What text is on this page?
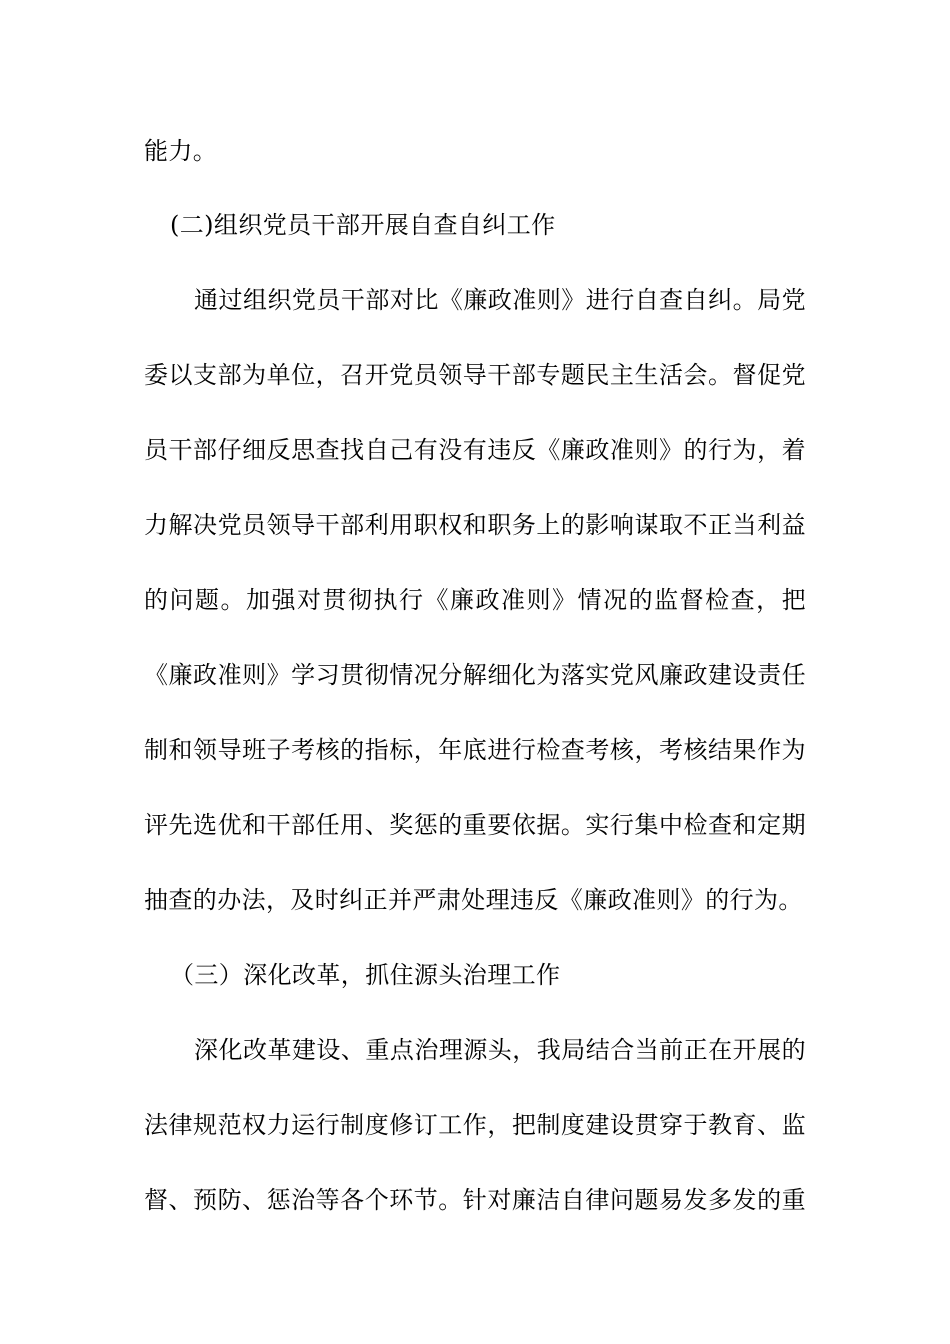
能力。
(二)组织党员干部开展自查自纠工作
通过组织党员干部对比《廉政准则》进行自查自纠。局党
委以支部为单位，召开党员领导干部专题民主生活会。督促党
员干部仔细反思查找自己有没有违反《廉政准则》的行为，着
力解决党员领导干部利用职权和职务上的影响谋取不正当利益
的问题。加强对贯彻执行《廉政准则》情况的监督检查，把
《廉政准则》学习贯彻情况分解细化为落实党风廉政建设责任
制和领导班子考核的指标，年底进行检查考核，考核结果作为
评先选优和干部任用、奖惩的重要依据。实行集中检查和定期
抽查的办法，及时纠正并严肃处理违反《廉政准则》的行为。
（三）深化改革，抓住源头治理工作
深化改革建设、重点治理源头，我局结合当前正在开展的
法律规范权力运行制度修订工作，把制度建设贯穿于教育、监
督、预防、惩治等各个环节。针对廉洁自律问题易发多发的重
